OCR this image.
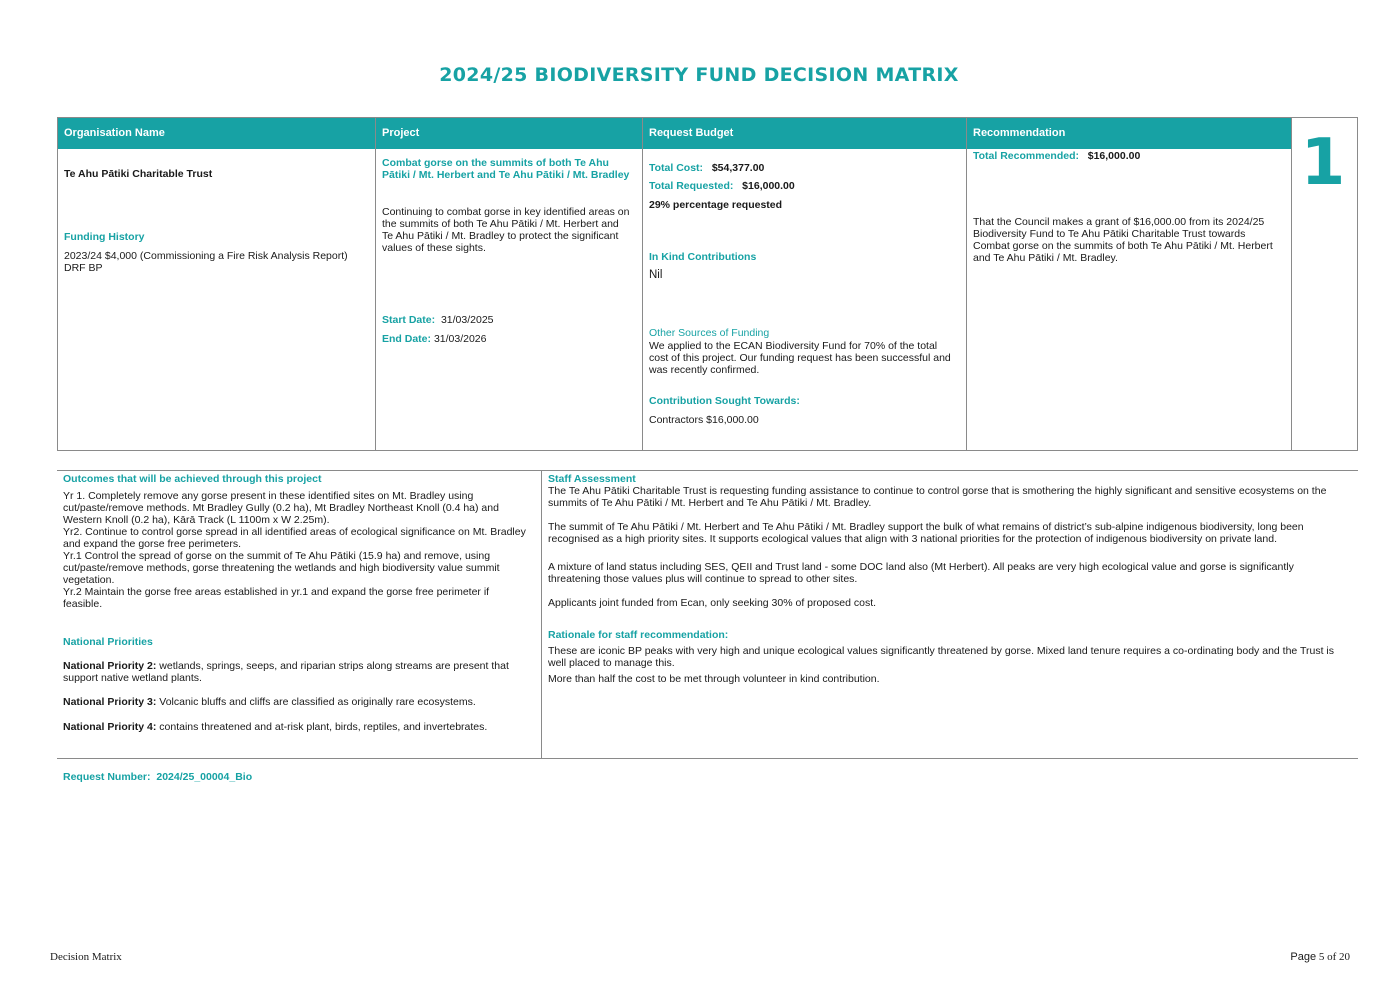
2024/25 BIODIVERSITY FUND DECISION MATRIX
Organisation Name
Te Ahu Pātiki Charitable Trust
Funding History
2023/24 $4,000 (Commissioning a Fire Risk Analysis Report)
DRF BP
Project
Combat gorse on the summits of both Te Ahu
Pātiki / Mt. Herbert and Te Ahu Pātiki / Mt. Bradley
Continuing to combat gorse in key identified areas on
the summits of both Te Ahu Pātiki / Mt. Herbert and
Te Ahu Pātiki / Mt. Bradley to protect the significant
values of these sights.
Start Date: 31/03/2025
End Date: 31/03/2026
Request Budget
Total Cost: $54,377.00
Total Requested: $16,000.00
29% percentage requested
In Kind Contributions
Nil
Other Sources of Funding
We applied to the ECAN Biodiversity Fund for 70% of the total
cost of this project. Our funding request has been successful and
was recently confirmed.
Contribution Sought Towards:
Contractors $16,000.00
Recommendation
Total Recommended: $16,000.00
That the Council makes a grant of $16,000.00 from its 2024/25
Biodiversity Fund to Te Ahu Pātiki Charitable Trust towards
Combat gorse on the summits of both Te Ahu Pātiki / Mt. Herbert
and Te Ahu Pātiki / Mt. Bradley.
1
Outcomes that will be achieved through this project
Yr 1. Completely remove any gorse present in these identified sites on Mt. Bradley using
cut/paste/remove methods. Mt Bradley Gully (0.2 ha), Mt Bradley Northeast Knoll (0.4 ha) and
Western Knoll (0.2 ha), Kārā Track (L 1100m x W 2.25m).
Yr2. Continue to control gorse spread in all identified areas of ecological significance on Mt. Bradley
and expand the gorse free perimeters.
Yr.1 Control the spread of gorse on the summit of Te Ahu Pātiki (15.9 ha) and remove, using
cut/paste/remove methods, gorse threatening the wetlands and high biodiversity value summit
vegetation.
Yr.2 Maintain the gorse free areas established in yr.1 and expand the gorse free perimeter if
feasible.
National Priorities
National Priority 2: wetlands, springs, seeps, and riparian strips along streams are present that
support native wetland plants.
National Priority 3: Volcanic bluffs and cliffs are classified as originally rare ecosystems.
National Priority 4: contains threatened and at-risk plant, birds, reptiles, and invertebrates.
Staff Assessment
The Te Ahu Pātiki Charitable Trust is requesting funding assistance to continue to control gorse that is smothering the highly significant and sensitive ecosystems on the
summits of Te Ahu Pātiki / Mt. Herbert and Te Ahu Pātiki / Mt. Bradley.
The summit of Te Ahu Pātiki / Mt. Herbert and Te Ahu Pātiki / Mt. Bradley support the bulk of what remains of district’s sub-alpine indigenous biodiversity, long been
recognised as a high priority sites. It supports ecological values that align with 3 national priorities for the protection of indigenous biodiversity on private land.
A mixture of land status including SES, QEII and Trust land - some DOC land also (Mt Herbert). All peaks are very high ecological value and gorse is significantly
threatening those values plus will continue to spread to other sites.
Applicants joint funded from Ecan, only seeking 30% of proposed cost.
Rationale for staff recommendation:
These are iconic BP peaks with very high and unique ecological values significantly threatened by gorse. Mixed land tenure requires a co-ordinating body and the Trust is
well placed to manage this.
More than half the cost to be met through volunteer in kind contribution.
Request Number: 2024/25_00004_Bio
Decision Matrix	Page 5 of 20
